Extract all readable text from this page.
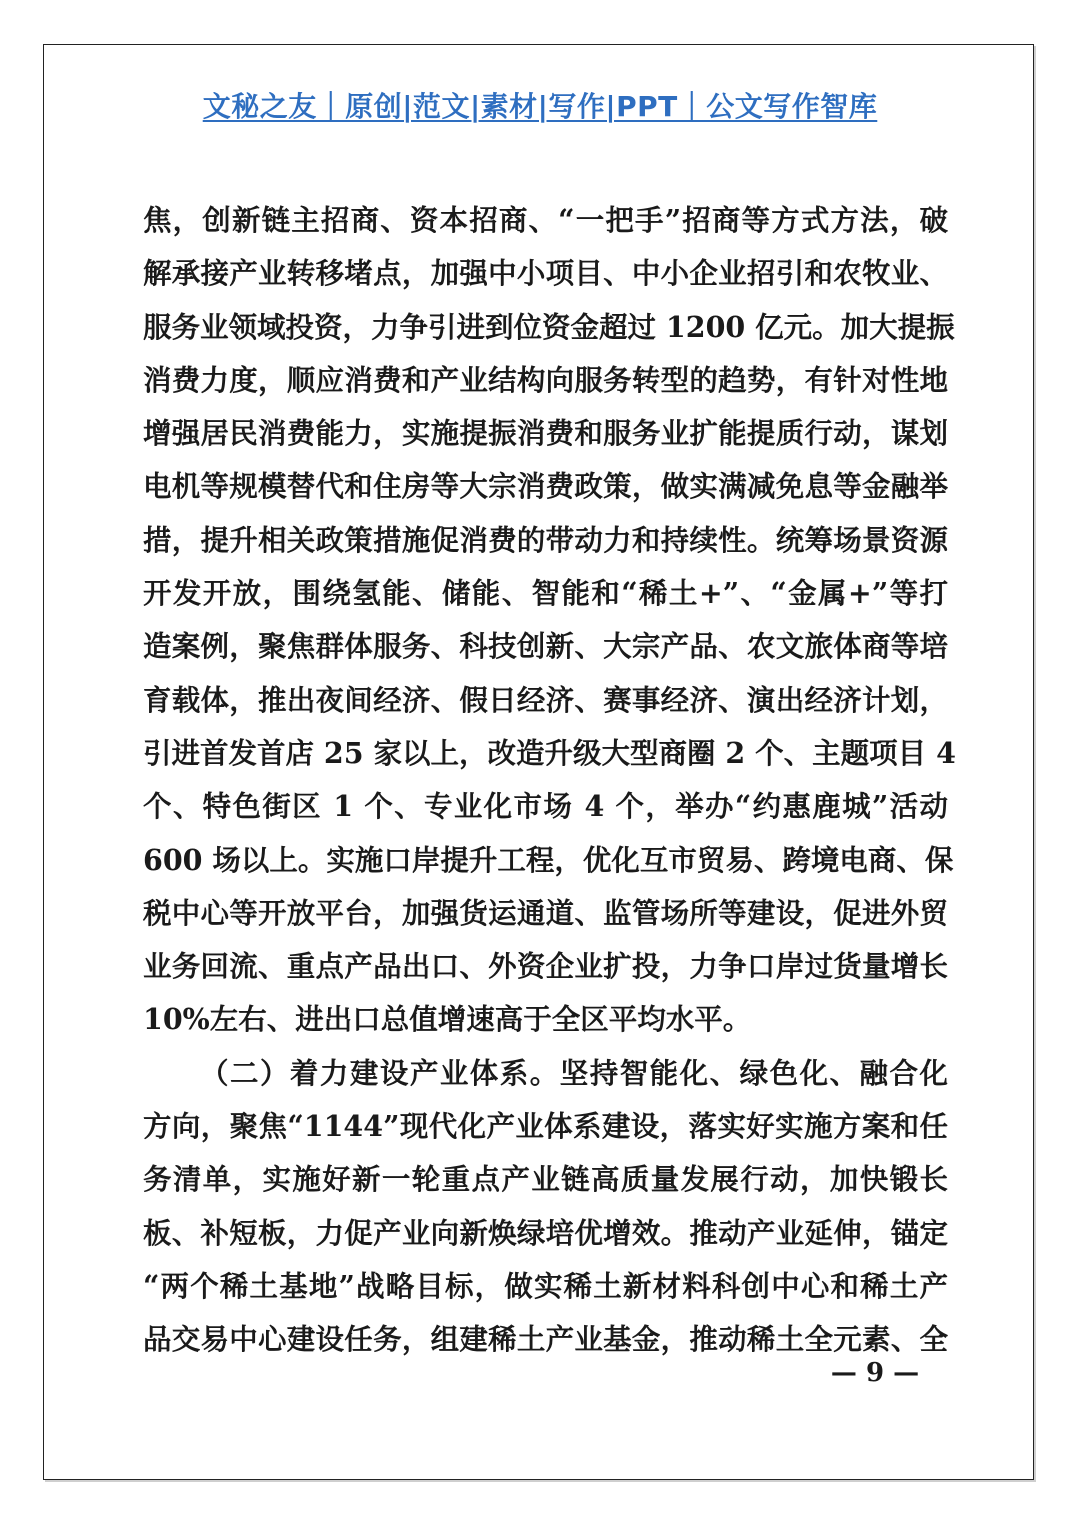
文秘之友｜原创|范文|素材|写作|PPT｜公文写作智库
焦，创新链主招商、资本招商、“一把手”招商等方式方法，破
解承接产业转移堵点，加强中小项目、中小企业招引和农牧业、
服务业领域投资，力争引进到位资金超过 1200 亿元。加大提振
消费力度，顺应消费和产业结构向服务转型的趋势，有针对性地
增强居民消费能力，实施提振消费和服务业扩能提质行动，谋划
电机等规模替代和住房等大宗消费政策，做实满减免息等金融举
措，提升相关政策措施促消费的带动力和持续性。统筹场景资源
开发开放，围绕氢能、储能、智能和“稀土+”、“金属+”等打
造案例，聚焦群体服务、科技创新、大宗产品、农文旅体商等培
育载体，推出夜间经济、假日经济、赛事经济、演出经济计划，
引进首发首店 25 家以上，改造升级大型商圈 2 个、主题项目 4
个、特色街区 1 个、专业化市场 4 个，举办“约惠鹿城”活动
600 场以上。实施口岸提升工程，优化互市贸易、跨境电商、保
税中心等开放平台，加强货运通道、监管场所等建设，促进外贸
业务回流、重点产品出口、外资企业扩投，力争口岸过货量增长
10%左右、进出口总值增速高于全区平均水平。
（二）着力建设产业体系。坚持智能化、绿色化、融合化
方向，聚焦“1144”现代化产业体系建设，落实好实施方案和任
务清单，实施好新一轮重点产业链高质量发展行动，加快锻长
板、补短板，力促产业向新焕绿培优增效。推动产业延伸，锚定
“两个稀土基地”战略目标，做实稀土新材料科创中心和稀土产
品交易中心建设任务，组建稀土产业基金，推动稀土全元素、全
— 9 —
